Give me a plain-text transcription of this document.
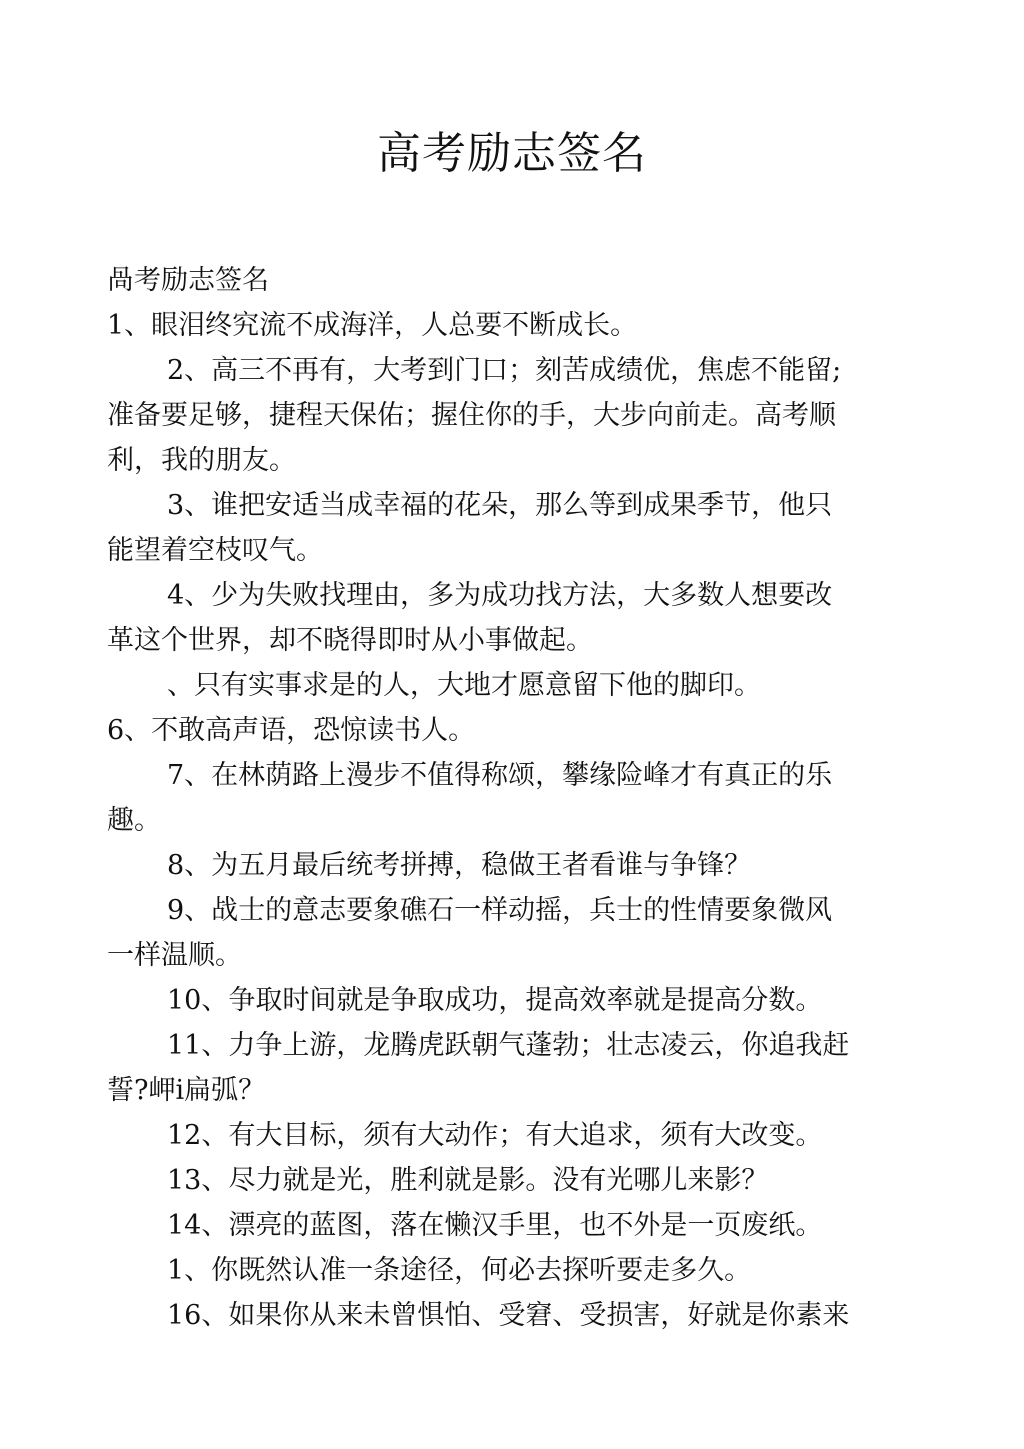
高考励志签名
咼考励志签名
1、眼泪终究流不成海洋，人总要不断成长。
2、高三不再有，大考到门口；刻苦成绩优，焦虑不能留;
准备要足够，捷程天保佑；握住你的手，大步向前走。高考顺
利，我的朋友。
3、谁把安适当成幸福的花朵，那么等到成果季节，他只
能望着空枝叹气。
4、少为失败找理由，多为成功找方法，大多数人想要改
革这个世界，却不晓得即时从小事做起。
、只有实事求是的人，大地才愿意留下他的脚印。
6、不敢高声语，恐惊读书人。
7、在林荫路上漫步不值得称颂，攀缘险峰才有真正的乐
趣。
8、为五月最后统考拼搏，稳做王者看谁与争锋？
9、战士的意志要象礁石一样动摇，兵士的性情要象微风
一样温顺。
10、争取时间就是争取成功，提高效率就是提高分数。
11、力争上游，龙腾虎跃朝气蓬勃；壮志凌云，你追我赶
誓?岬i扁弧？
12、有大目标，须有大动作；有大追求，须有大改变。
13、尽力就是光，胜利就是影。没有光哪儿来影？
14、漂亮的蓝图，落在懒汉手里，也不外是一页废纸。
1、你既然认准一条途径，何必去探听要走多久。
16、如果你从来未曾惧怕、受窘、受损害，好就是你素来
